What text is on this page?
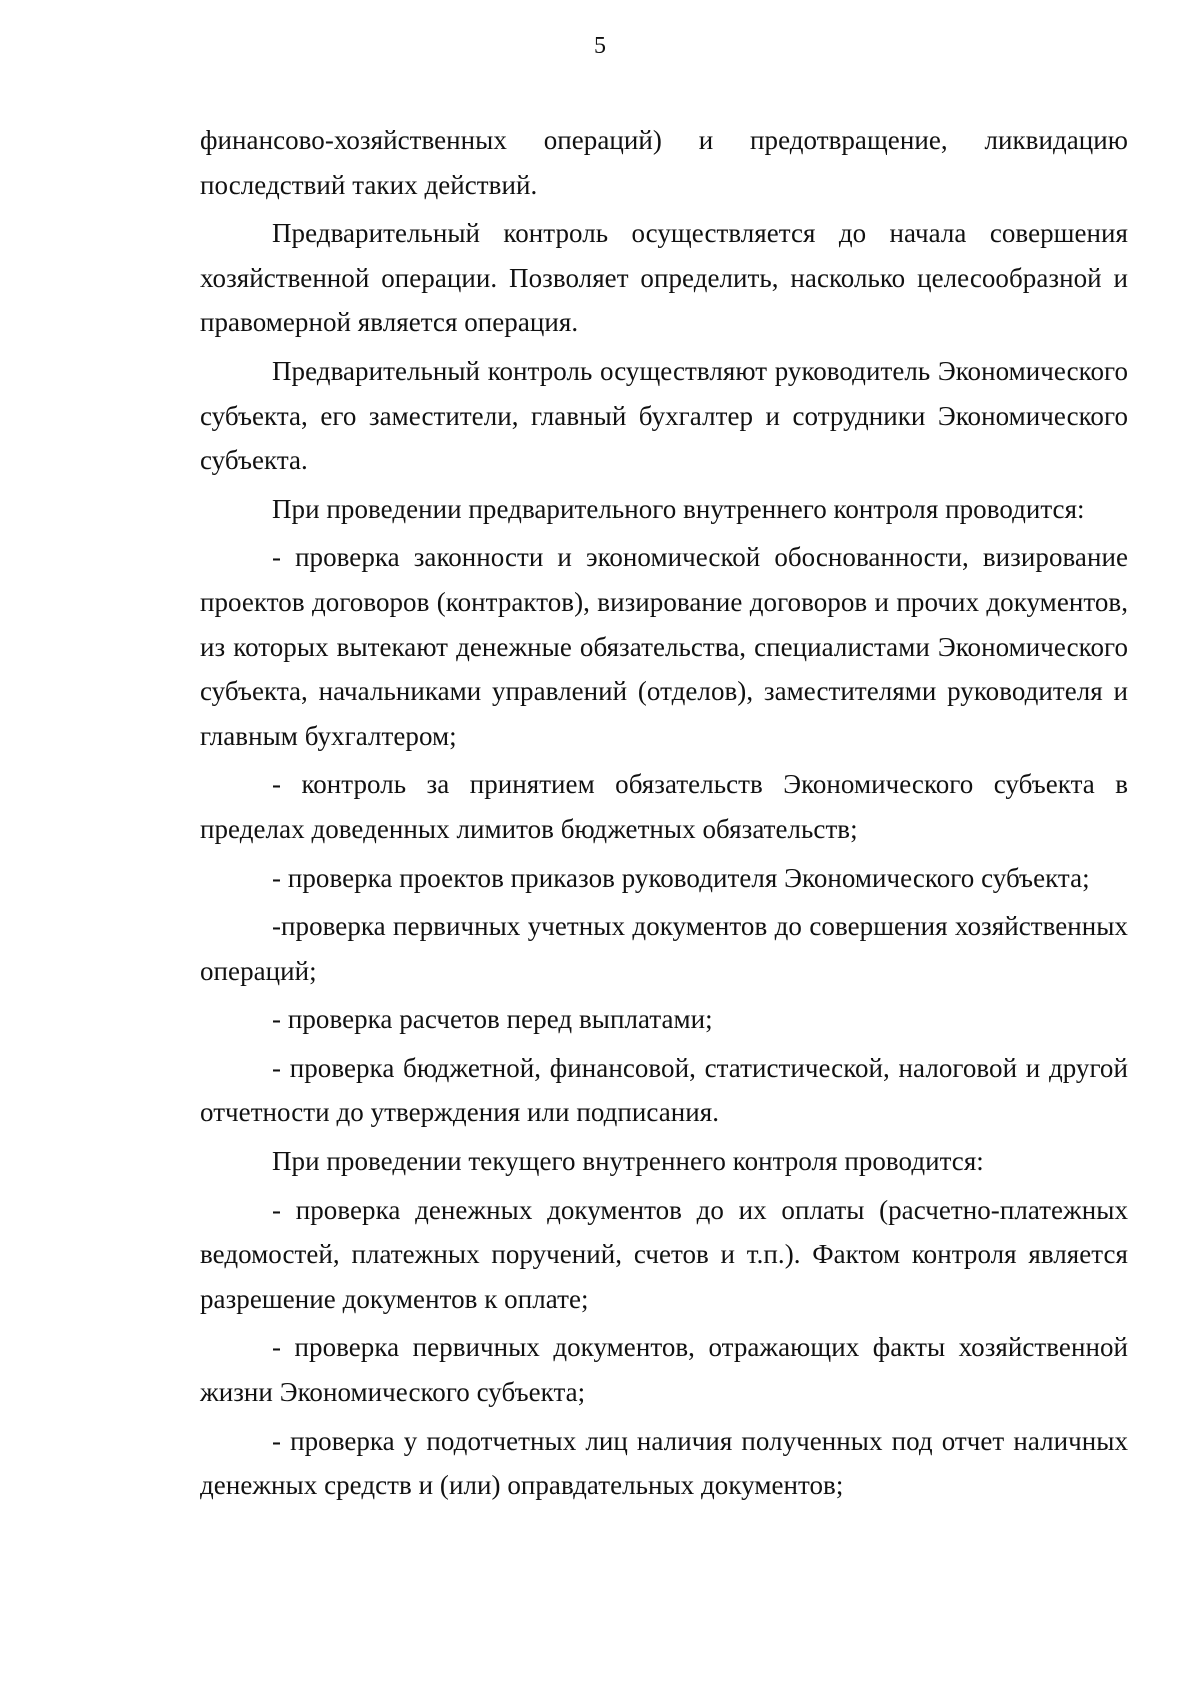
5

финансово-хозяйственных операций) и предотвращение, ликвидацию последствий таких действий.

Предварительный контроль осуществляется до начала совершения хозяйственной операции. Позволяет определить, насколько целесообразной и правомерной является операция.

Предварительный контроль осуществляют руководитель Экономического субъекта, его заместители, главный бухгалтер и сотрудники Экономического субъекта.

При проведении предварительного внутреннего контроля проводится:

- проверка законности и экономической обоснованности, визирование проектов договоров (контрактов), визирование договоров и прочих документов, из которых вытекают денежные обязательства, специалистами Экономического субъекта, начальниками управлений (отделов), заместителями руководителя и главным бухгалтером;

- контроль за принятием обязательств Экономического субъекта в пределах доведенных лимитов бюджетных обязательств;

- проверка проектов приказов руководителя Экономического субъекта;

-проверка первичных учетных документов до совершения хозяйственных операций;

- проверка расчетов перед выплатами;

- проверка бюджетной, финансовой, статистической, налоговой и другой отчетности до утверждения или подписания.

При проведении текущего внутреннего контроля проводится:

- проверка денежных документов до их оплаты (расчетно-платежных ведомостей, платежных поручений, счетов и т.п.). Фактом контроля является разрешение документов к оплате;

- проверка первичных документов, отражающих факты хозяйственной жизни Экономического субъекта;

- проверка у подотчетных лиц наличия полученных под отчет наличных денежных средств и (или) оправдательных документов;
